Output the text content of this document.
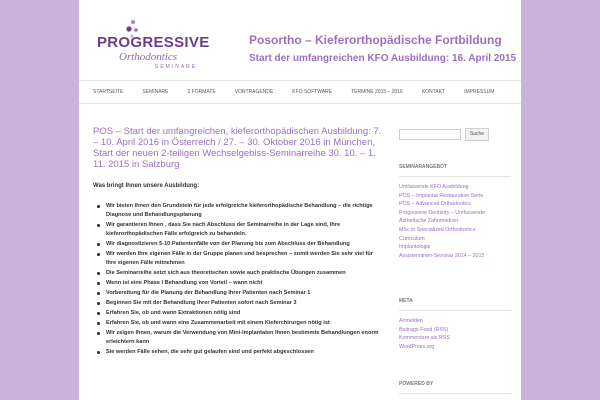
PROGRESSIVE
Orthodontics
SEMINARE
Posortho – Kieferorthopädische Fortbildung
Start der umfangreichen KFO Ausbildung: 16. April 2015
STARTSEITE	SEMINARE	2 FORMATE	VORTRAGENDE	KFO SOFTWARE	TERMINE 2015 – 2016	KONTAKT	IMPRESSUM
POS – Start der umfangreichen, kieferorthopädischen Ausbildung: 7. – 10. April 2016 in Österreich / 27. – 30. Oktober 2016 in München, Start der neuen 2-teiligen Wechselgebiss-Seminarreihe 30. 10. – 1. 11. 2015 in Salzburg
Was bringt Ihnen unsere Ausbildung:
Wir bieten Ihnen den Grundstein für jede erfolgreiche kieferorthopädische Behandlung – die richtige Diagnose und Behandlungsplanung
Wir garantieren Ihnen , dass Sie nach Abschluss der Seminarreihe in der Lage sind, Ihre kieferorthopädischen Fälle erfolgreich zu behandeln.
Wir diagnostizieren 5-10 Patientenfälle von der Planung bis zum Abschluss der Behandlung
Wir werden Ihre eigenen Fälle in der Gruppe planen und besprechen – somit werden Sie sehr viel für Ihre eigenen Fälle mitnehmen
Die Seminarreihe setzt sich aus theoretischen sowie auch praktische Übungen zusammen
Wenn ist eine Phase I Behandlung von Vorteil – wann nicht
Vorbereitung für die Planung der Behandlung Ihrer Patienten nach Seminar 1
Beginnen Sie mit der Behandlung Ihrer Patienten sofort nach Seminar 3
Erfahren Sie, ob und wann Extraktionen nötig sind
Erfahren Sie, ob und wann eine Zusammenarbeit mit einem Kieferchirurgen nötig ist
Wir zeigen Ihnen, warum die Verwendung von Mini-Implantaten Ihnen bestimmte Behandlungen enorm erleichtern kann
Sie werden Fälle sehen, die sehr gut gelaufen sind und perfekt abgeschlossen
Suche
SEMINARANGEBOT
Umfassende KFO Ausbildung
POS – Implantat Restauration Serie
POS – Advanced Orthodontics
Progressive Dentistry – Umfassende
Ästhetische Zahnmedizin
MSc in Specialized Orthodontics
Curriculum
Implantologie
Assistenninen-Seminar 2014 – 2015
META
Anmelden
Beitrags-Feed (RSS)
Kommentare als RSS
WordPress.org
POWERED BY
